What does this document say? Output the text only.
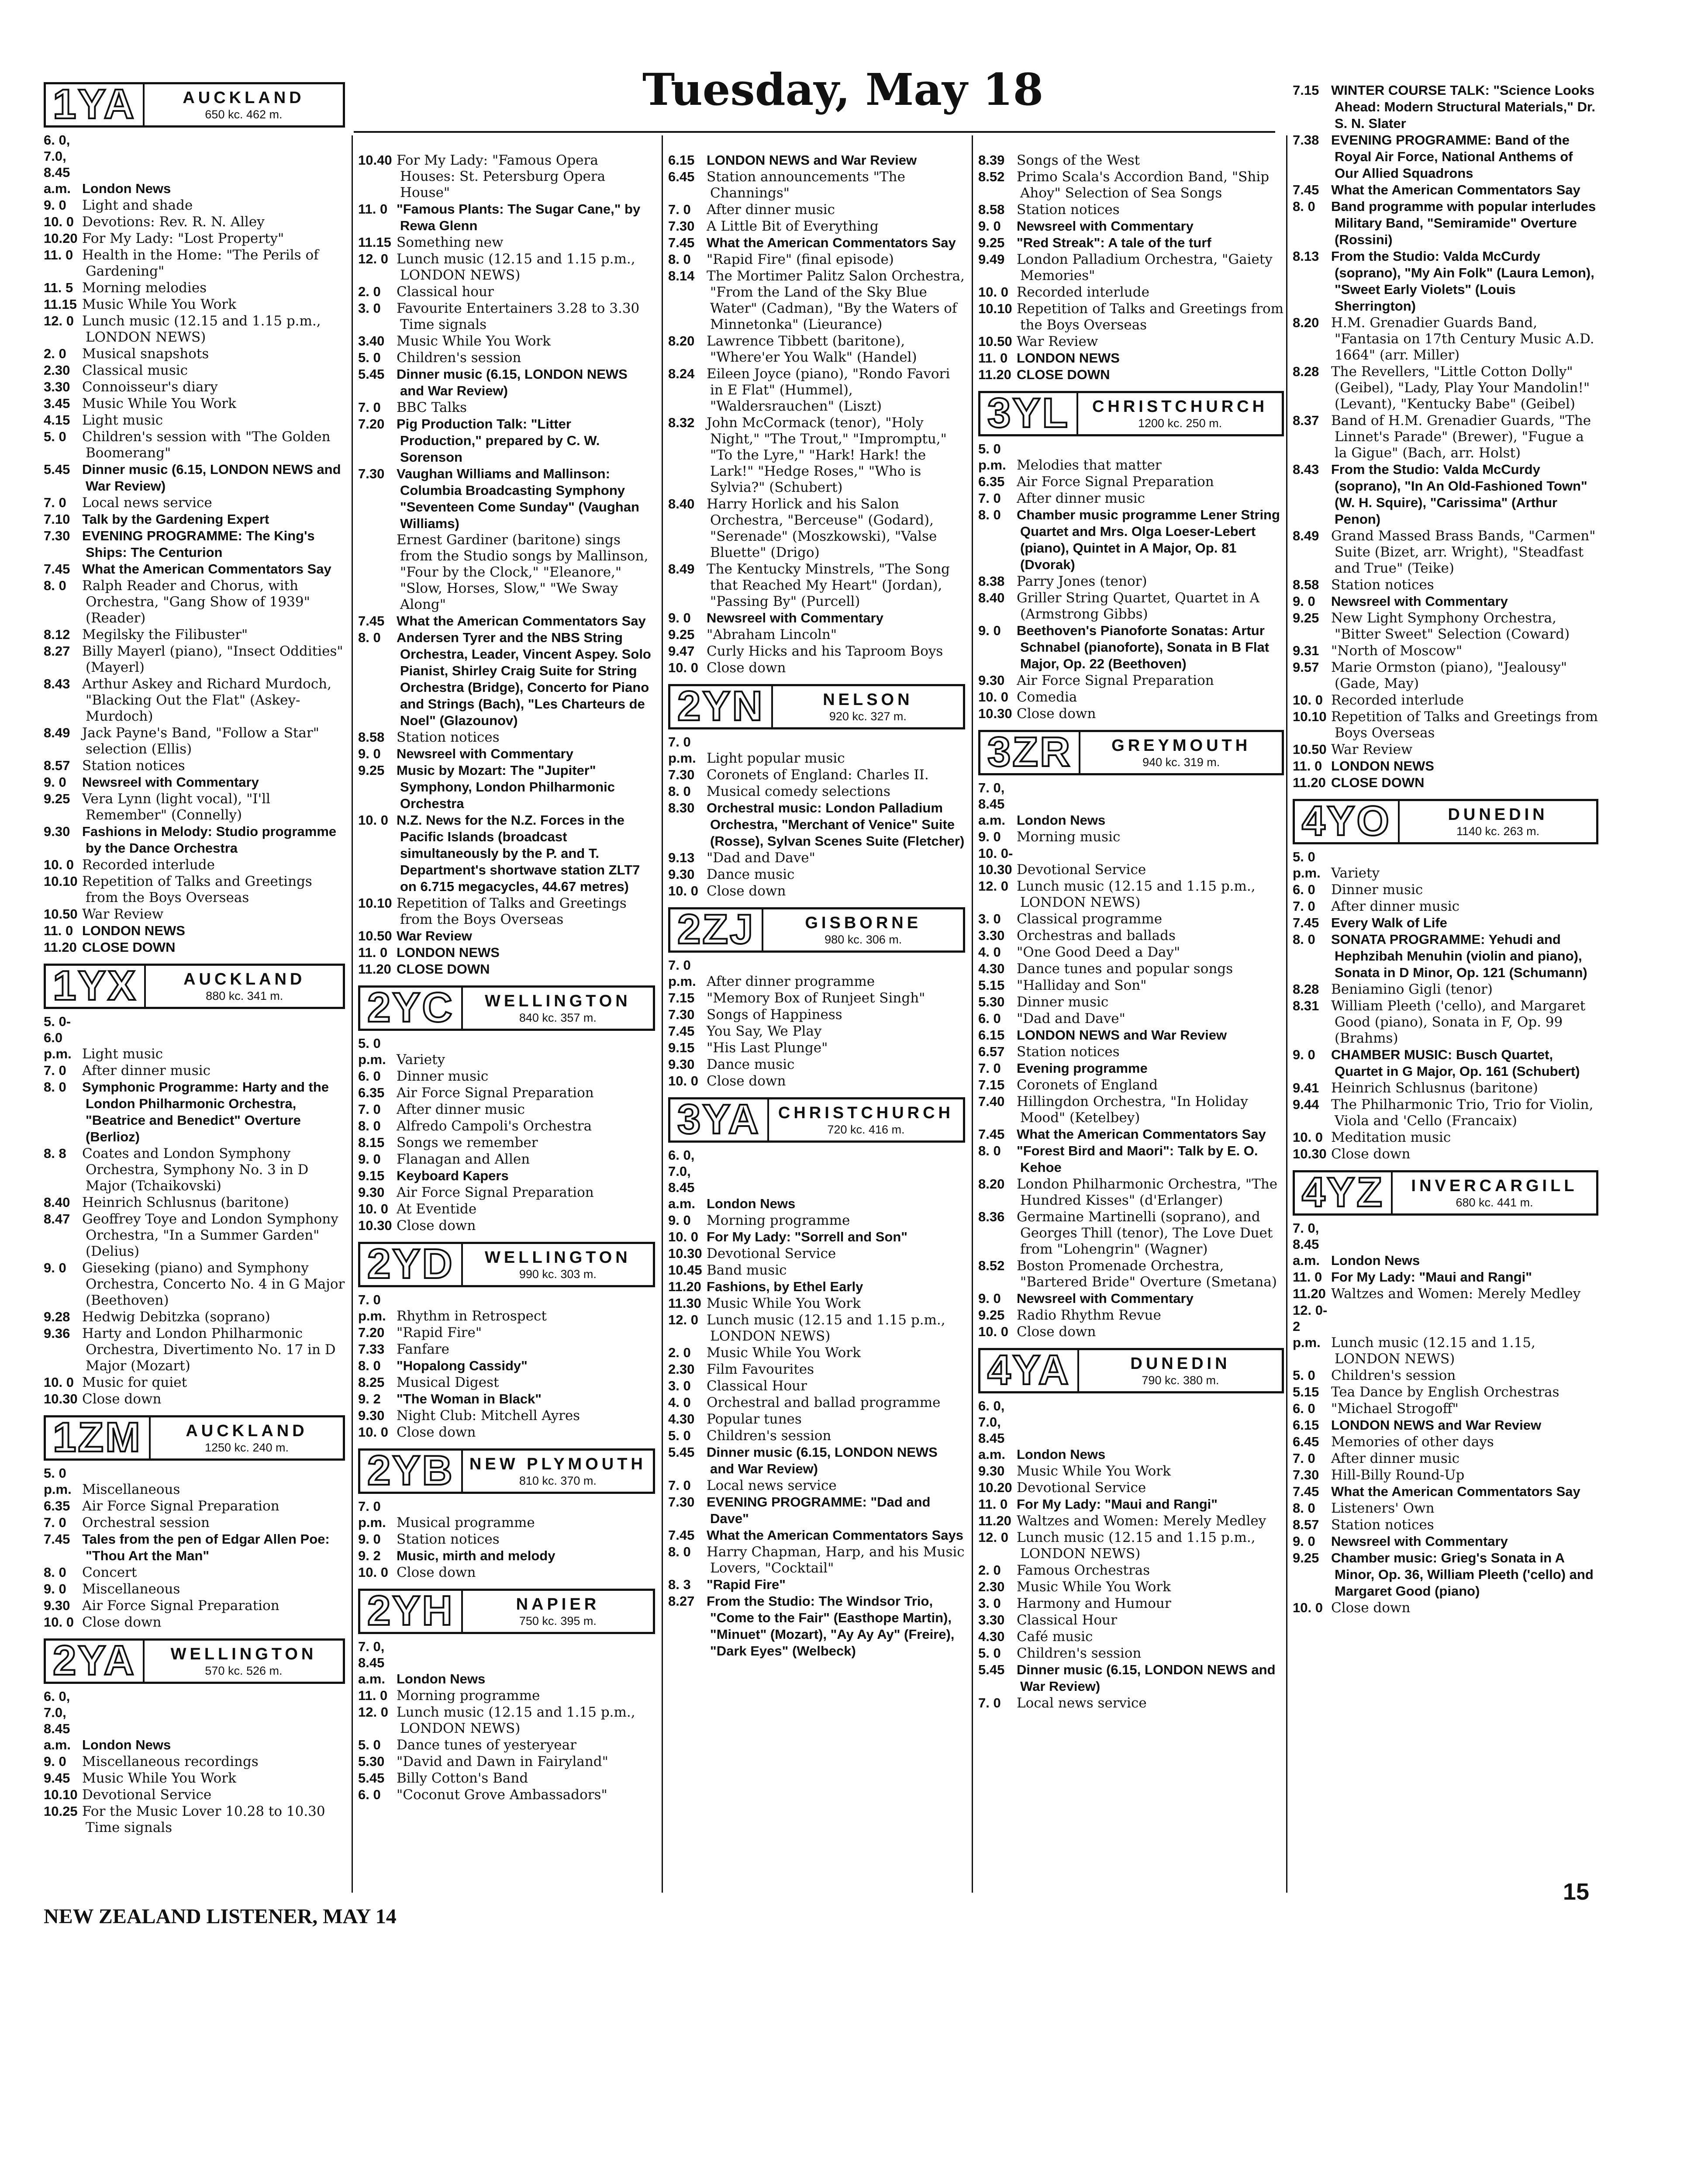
Tuesday, May 18
1YA	AUCKLAND
650 kc. 462 m.

6. 0, 7.0, 8.45 a.m. London News

9. 0 Light and shade

10. 0 Devotions: Rev. R. N. Alley

10.20 For My Lady: "Lost Property"

11. 0 Health in the Home: "The Perils of Gardening"

11. 5 Morning melodies

11.15 Music While You Work

12. 0 Lunch music (12.15 and 1.15 p.m., LONDON NEWS)

2. 0 Musical snapshots

2.30 Classical music

3.30 Connoisseur's diary

3.45 Music While You Work

4.15 Light music

5. 0 Children's session with "The Golden Boomerang"

5.45 Dinner music (6.15, LONDON NEWS and War Review)

7. 0 Local news service

7.10 Talk by the Gardening Expert

7.30 EVENING PROGRAMME: The King's Ships: The Centurion

7.45 What the American Commentators Say

8. 0 Ralph Reader and Chorus, with Orchestra, "Gang Show of 1939" (Reader)

8.12 Megilsky the Filibuster"

8.27 Billy Mayerl (piano), "Insect Oddities" (Mayerl)

8.43 Arthur Askey and Richard Murdoch, "Blacking Out the Flat" (Askey-Murdoch)

8.49 Jack Payne's Band, "Follow a Star" selection (Ellis)

8.57 Station notices

9. 0 Newsreel with Commentary

9.25 Vera Lynn (light vocal), "I'll Remember" (Connelly)

9.30 Fashions in Melody: Studio programme by the Dance Orchestra

10. 0 Recorded interlude

10.10 Repetition of Talks and Greetings from the Boys Overseas

10.50 War Review

11. 0 LONDON NEWS

11.20 CLOSE DOWN

1YX	AUCKLAND
880 kc. 341 m.

5. 0-6.0 p.m. Light music

7. 0 After dinner music

8. 0 Symphonic Programme: Harty and the London Philharmonic Orchestra, "Beatrice and Benedict" Overture (Berlioz)

8. 8 Coates and London Symphony Orchestra, Symphony No. 3 in D Major (Tchaikovski)

8.40 Heinrich Schlusnus (baritone)

8.47 Geoffrey Toye and London Symphony Orchestra, "In a Summer Garden" (Delius)

9. 0 Gieseking (piano) and Symphony Orchestra, Concerto No. 4 in G Major (Beethoven)

9.28 Hedwig Debitzka (soprano)

9.36 Harty and London Philharmonic Orchestra, Divertimento No. 17 in D Major (Mozart)

10. 0 Music for quiet

10.30 Close down

1ZM	AUCKLAND
1250 kc. 240 m.

5. 0 p.m. Miscellaneous

6.35 Air Force Signal Preparation

7. 0 Orchestral session

7.45 Tales from the pen of Edgar Allen Poe: "Thou Art the Man"

8. 0 Concert

9. 0 Miscellaneous

9.30 Air Force Signal Preparation

10. 0 Close down

2YA	WELLINGTON
570 kc. 526 m.

6. 0, 7.0, 8.45 a.m. London News

9. 0 Miscellaneous recordings

9.45 Music While You Work

10.10 Devotional Service

10.25 For the Music Lover 10.28 to 10.30 Time signals

10.40 For My Lady: "Famous Opera Houses: St. Petersburg Opera House"

11. 0 "Famous Plants: The Sugar Cane," by Rewa Glenn

11.15 Something new

12. 0 Lunch music (12.15 and 1.15 p.m., LONDON NEWS)

2. 0 Classical hour

3. 0 Favourite Entertainers 3.28 to 3.30 Time signals

3.40 Music While You Work

5. 0 Children's session

5.45 Dinner music (6.15, LONDON NEWS and War Review)

7. 0 BBC Talks

7.20 Pig Production Talk: "Litter Production," prepared by C. W. Sorenson

7.30 Vaughan Williams and Mallinson: Columbia Broadcasting Symphony "Seventeen Come Sunday" (Vaughan Williams)

Ernest Gardiner (baritone) sings from the Studio songs by Mallinson, "Four by the Clock," "Eleanore," "Slow, Horses, Slow," "We Sway Along"

7.45 What the American Commentators Say

8. 0 Andersen Tyrer and the NBS String Orchestra, Leader, Vincent Aspey. Solo Pianist, Shirley Craig Suite for String Orchestra (Bridge), Concerto for Piano and Strings (Bach), "Les Charteurs de Noel" (Glazounov)

8.58 Station notices

9. 0 Newsreel with Commentary

9.25 Music by Mozart: The "Jupiter" Symphony, London Philharmonic Orchestra

10. 0 N.Z. News for the N.Z. Forces in the Pacific Islands (broadcast simultaneously by the P. and T. Department's shortwave station ZLT7 on 6.715 megacycles, 44.67 metres)

10.10 Repetition of Talks and Greetings from the Boys Overseas

10.50 War Review

11. 0 LONDON NEWS

11.20 CLOSE DOWN

2YC	WELLINGTON
840 kc. 357 m.

5. 0 p.m. Variety

6. 0 Dinner music

6.35 Air Force Signal Preparation

7. 0 After dinner music

8. 0 Alfredo Campoli's Orchestra

8.15 Songs we remember

9. 0 Flanagan and Allen

9.15 Keyboard Kapers

9.30 Air Force Signal Preparation

10. 0 At Eventide

10.30 Close down

2YD	WELLINGTON
990 kc. 303 m.

7. 0 p.m. Rhythm in Retrospect

7.20 "Rapid Fire"

7.33 Fanfare

8. 0 "Hopalong Cassidy"

8.25 Musical Digest

9. 2 "The Woman in Black"

9.30 Night Club: Mitchell Ayres

10. 0 Close down

2YB NEW PLYMOUTH
810 kc. 370 m.

7. 0 p.m. Musical programme

9. 0 Station notices

9. 2 Music, mirth and melody

10. 0 Close down

2YH	NAPIER
750 kc. 395 m.

7. 0, 8.45 a.m. London News

11. 0 Morning programme

12. 0 Lunch music (12.15 and 1.15 p.m., LONDON NEWS)

5. 0 Dance tunes of yesteryear

5.30 "David and Dawn in Fairyland"

5.45 Billy Cotton's Band

6. 0 "Coconut Grove Ambassadors"

6.15 LONDON NEWS and War Review

6.45 Station announcements "The Channings"

7. 0 After dinner music

7.30 A Little Bit of Everything

7.45 What the American Commentators Say

8. 0 "Rapid Fire" (final episode)

8.14 The Mortimer Palitz Salon Orchestra, "From the Land of the Sky Blue Water" (Cadman), "By the Waters of Minnetonka" (Lieurance)

8.20 Lawrence Tibbett (baritone), "Where'er You Walk" (Handel)

8.24 Eileen Joyce (piano), "Rondo Favori in E Flat" (Hummel), "Waldersrauchen" (Liszt)

8.32 John McCormack (tenor), "Holy Night," "The Trout," "Impromptu," "To the Lyre," "Hark! Hark! the Lark!" "Hedge Roses," "Who is Sylvia?" (Schubert)

8.40 Harry Horlick and his Salon Orchestra, "Berceuse" (Godard), "Serenade" (Moszkowski), "Valse Bluette" (Drigo)

8.49 The Kentucky Minstrels, "The Song that Reached My Heart" (Jordan), "Passing By" (Purcell)

9. 0 Newsreel with Commentary

9.25 "Abraham Lincoln"

9.47 Curly Hicks and his Taproom Boys

10. 0 Close down

2YN	NELSON
920 kc. 327 m.

7. 0 p.m. Light popular music

7.30 Coronets of England: Charles II.

8. 0 Musical comedy selections

8.30 Orchestral music: London Palladium Orchestra, "Merchant of Venice" Suite (Rosse), Sylvan Scenes Suite (Fletcher)

9.13 "Dad and Dave"

9.30 Dance music

10. 0 Close down

2ZJ	GISBORNE
980 kc. 306 m.

7. 0 p.m. After dinner programme

7.15 "Memory Box of Runjeet Singh"

7.30 Songs of Happiness

7.45 You Say, We Play

9.15 "His Last Plunge"

9.30 Dance music

10. 0 Close down

3YA	CHRISTCHURCH
720 kc. 416 m.

6. 0, 7.0, 8.45 a.m. London News

9. 0 Morning programme

10. 0 For My Lady: "Sorrell and Son"

10.30 Devotional Service

10.45 Band music

11.20 Fashions, by Ethel Early

11.30 Music While You Work

12. 0 Lunch music (12.15 and 1.15 p.m., LONDON NEWS)

2. 0 Music While You Work

2.30 Film Favourites

3. 0 Classical Hour

4. 0 Orchestral and ballad programme

4.30 Popular tunes

5. 0 Children's session

5.45 Dinner music (6.15, LONDON NEWS and War Review)

7. 0 Local news service

7.30 EVENING PROGRAMME: "Dad and Dave"

7.45 What the American Commentators Says

8. 0 Harry Chapman, Harp, and his Music Lovers, "Cocktail"

8. 3 "Rapid Fire"

8.27 From the Studio: The Windsor Trio, "Come to the Fair" (Easthope Martin), "Minuet" (Mozart), "Ay Ay Ay" (Freire), "Dark Eyes" (Welbeck)

8.39 Songs of the West

8.52 Primo Scala's Accordion Band, "Ship Ahoy" Selection of Sea Songs

8.58 Station notices

9. 0 Newsreel with Commentary

9.25 "Red Streak": A tale of the turf

9.49 London Palladium Orchestra, "Gaiety Memories"

10. 0 Recorded interlude

10.10 Repetition of Talks and Greetings from the Boys Overseas

10.50 War Review

11. 0 LONDON NEWS

11.20 CLOSE DOWN

3YL	CHRISTCHURCH
1200 kc. 250 m.

5. 0 p.m. Melodies that matter

6.35 Air Force Signal Preparation

7. 0 After dinner music

8. 0 Chamber music programme Lener String Quartet and Mrs. Olga Loeser-Lebert (piano), Quintet in A Major, Op. 81 (Dvorak)

8.38 Parry Jones (tenor)

8.40 Griller String Quartet, Quartet in A (Armstrong Gibbs)

9. 0 Beethoven's Pianoforte Sonatas: Artur Schnabel (pianoforte), Sonata in B Flat Major, Op. 22 (Beethoven)

9.30 Air Force Signal Preparation

10. 0 Comedia

10.30 Close down

3ZR	GREYMOUTH
940 kc. 319 m.

7. 0, 8.45 a.m. London News

9. 0 Morning music

10. 0-10.30 Devotional Service

12. 0 Lunch music (12.15 and 1.15 p.m., LONDON NEWS)

3. 0 Classical programme

3.30 Orchestras and ballads

4. 0 "One Good Deed a Day"

4.30 Dance tunes and popular songs

5.15 "Halliday and Son"

5.30 Dinner music

6. 0 "Dad and Dave"

6.15 LONDON NEWS and War Review

6.57 Station notices

7. 0 Evening programme

7.15 Coronets of England

7.40 Hillingdon Orchestra, "In Holiday Mood" (Ketelbey)

7.45 What the American Commentators Say

8. 0 "Forest Bird and Maori": Talk by E. O. Kehoe

8.20 London Philharmonic Orchestra, "The Hundred Kisses" (d'Erlanger)

8.36 Germaine Martinelli (soprano), and Georges Thill (tenor), The Love Duet from "Lohengrin" (Wagner)

8.52 Boston Promenade Orchestra, "Bartered Bride" Overture (Smetana)

9. 0 Newsreel with Commentary

9.25 Radio Rhythm Revue

10. 0 Close down

4YA	DUNEDIN
790 kc. 380 m.

6. 0, 7.0, 8.45 a.m. London News

9.30 Music While You Work

10.20 Devotional Service

11. 0 For My Lady: "Maui and Rangi"

11.20 Waltzes and Women: Merely Medley

12. 0 Lunch music (12.15 and 1.15 p.m., LONDON NEWS)

2. 0 Famous Orchestras

2.30 Music While You Work

3. 0 Harmony and Humour

3.30 Classical Hour

4.30 Café music

5. 0 Children's session

5.45 Dinner music (6.15, LONDON NEWS and War Review)

7. 0 Local news service

7.15 WINTER COURSE TALK: "Science Looks Ahead: Modern Structural Materials," Dr. S. N. Slater

7.38 EVENING PROGRAMME: Band of the Royal Air Force, National Anthems of Our Allied Squadrons

7.45 What the American Commentators Say

8. 0 Band programme with popular interludes Military Band, "Semiramide" Overture (Rossini)

8.13 From the Studio: Valda McCurdy (soprano), "My Ain Folk" (Laura Lemon), "Sweet Early Violets" (Louis Sherrington)

8.20 H.M. Grenadier Guards Band, "Fantasia on 17th Century Music A.D. 1664" (arr. Miller)

8.28 The Revellers, "Little Cotton Dolly" (Geibel), "Lady, Play Your Mandolin!" (Levant), "Kentucky Babe" (Geibel)

8.37 Band of H.M. Grenadier Guards, "The Linnet's Parade" (Brewer), "Fugue a la Gigue" (Bach, arr. Holst)

8.43 From the Studio: Valda McCurdy (soprano), "In An Old-Fashioned Town" (W. H. Squire), "Carissima" (Arthur Penon)

8.49 Grand Massed Brass Bands, "Carmen" Suite (Bizet, arr. Wright), "Steadfast and True" (Teike)

8.58 Station notices

9. 0 Newsreel with Commentary

9.25 New Light Symphony Orchestra, "Bitter Sweet" Selection (Coward)

9.31 "North of Moscow"

9.57 Marie Ormston (piano), "Jealousy" (Gade, May)

10. 0 Recorded interlude

10.10 Repetition of Talks and Greetings from Boys Overseas

10.50 War Review

11. 0 LONDON NEWS

11.20 CLOSE DOWN

4YO	DUNEDIN
1140 kc. 263 m.

5. 0 p.m. Variety

6. 0 Dinner music

7. 0 After dinner music

7.45 Every Walk of Life

8. 0 SONATA PROGRAMME: Yehudi and Hephzibah Menuhin (violin and piano), Sonata in D Minor, Op. 121 (Schumann)

8.28 Beniamino Gigli (tenor)

8.31 William Pleeth ('cello), and Margaret Good (piano), Sonata in F, Op. 99 (Brahms)

9. 0 CHAMBER MUSIC: Busch Quartet, Quartet in G Major, Op. 161 (Schubert)

9.41 Heinrich Schlusnus (baritone)

9.44 The Philharmonic Trio, Trio for Violin, Viola and 'Cello (Francaix)

10. 0 Meditation music

10.30 Close down

4YZ	INVERCARGILL
680 kc. 441 m.

7. 0, 8.45 a.m. London News

11. 0 For My Lady: "Maui and Rangi"

11.20 Waltzes and Women: Merely Medley

12. 0-2 p.m. Lunch music (12.15 and 1.15, LONDON NEWS)

5. 0 Children's session

5.15 Tea Dance by English Orchestras

6. 0 "Michael Strogoff"

6.15 LONDON NEWS and War Review

6.45 Memories of other days

7. 0 After dinner music

7.30 Hill-Billy Round-Up

7.45 What the American Commentators Say

8. 0 Listeners' Own

8.57 Station notices

9. 0 Newsreel with Commentary

9.25 Chamber music: Grieg's Sonata in A Minor, Op. 36, William Pleeth ('cello) and Margaret Good (piano)

10. 0 Close down

NEW ZEALAND LISTENER, MAY 14
15
